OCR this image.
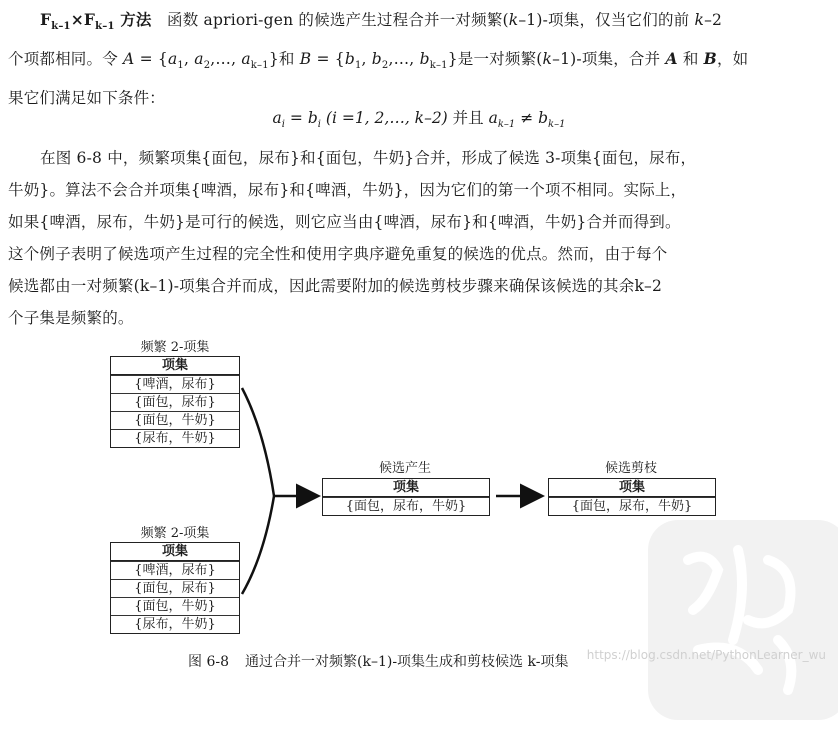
$F_{k-1}\times F_{k-1}$ 方法 函数 apriori-gen 的候选产生过程合并一对频繁(k–1)-项集，仅当它们的前 k–2
个项都相同。令 $A = \{a_1$, $a_2,\dots$, $a_{k-1}$}和 $B = \{b_1$, $b_2,\dots$, $b_{k-1}$}是一对频繁(k–1)-项集，合并 A 和 B，如
果它们满足如下条件：

$a_i = b_i$ (i =1, 2,…, k–2) 并且 $a_{k-1} \ne b_{k-1}$

在图 6-8 中，频繁项集{面包，尿布}和{面包，牛奶}合并，形成了候选 3-项集{面包，尿布，
牛奶}。算法不会合并项集{啤酒，尿布}和{啤酒，牛奶}，因为它们的第一个项不相同。实际上，
如果{啤酒，尿布，牛奶}是可行的候选，则它应当由{啤酒，尿布}和{啤酒，牛奶}合并而得到。
这个例子表明了候选项产生过程的完全性和使用字典序避免重复的候选的优点。然而，由于每个
候选都由一对频繁(k–1)-项集合并而成，因此需要附加的候选剪枝步骤来确保该候选的其余k–2
个子集是频繁的。

频繁 2-项集
项集
{啤酒，尿布}
{面包，尿布}
{面包，牛奶}
{尿布，牛奶}
频繁 2-项集
项集
{啤酒，尿布}
{面包，尿布}
{面包，牛奶}
{尿布，牛奶}
候选产生
项集
{面包，尿布，牛奶}
候选剪枝
项集
{面包，尿布，牛奶}
图 6-8 通过合并一对频繁(k–1)-项集生成和剪枝候选 k-项集 https://blog.csdn.net/PythonLearner_wu
